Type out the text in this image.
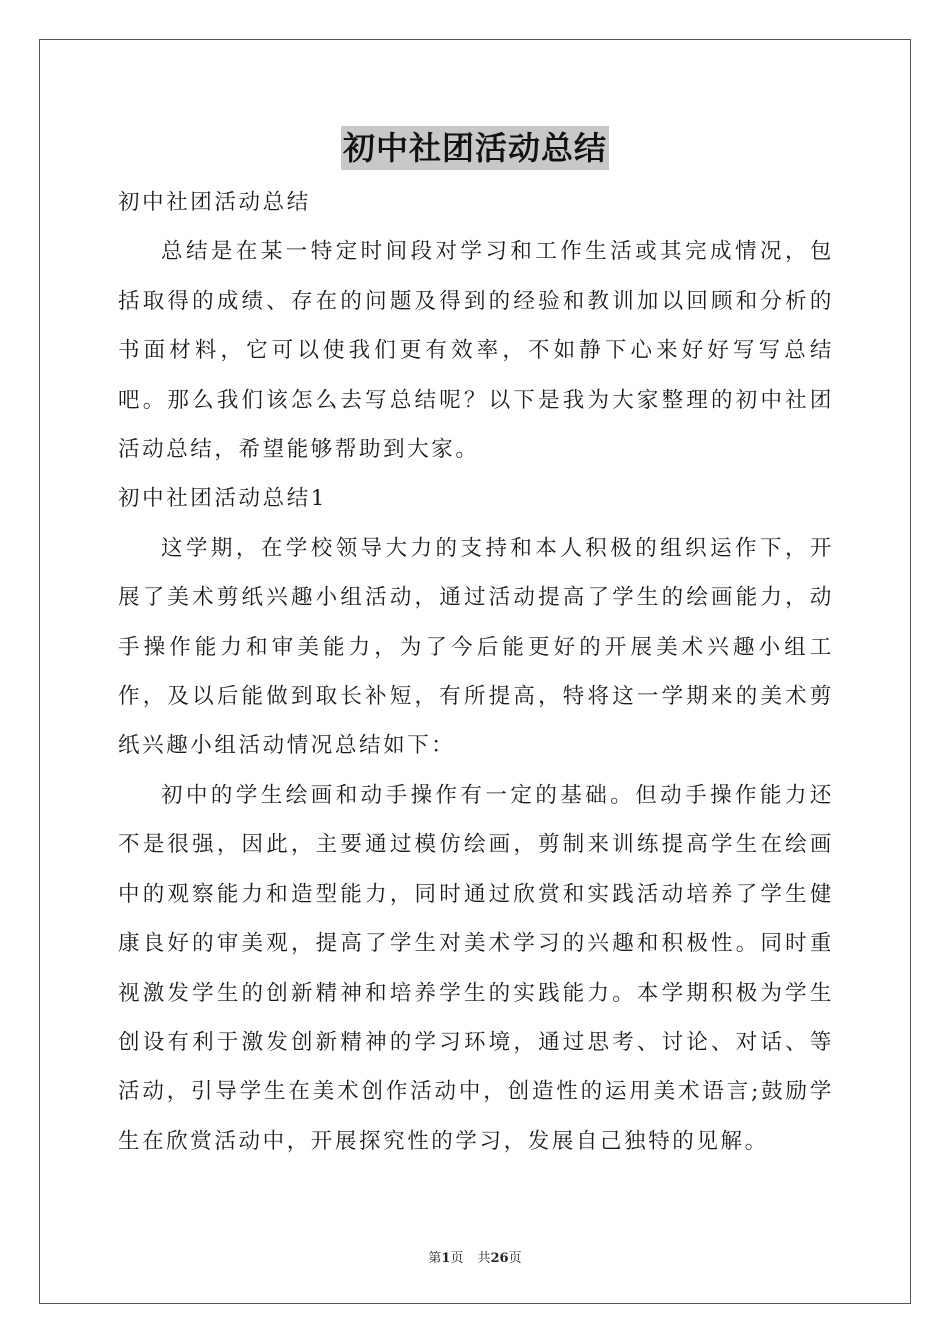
初中社团活动总结

初中社团活动总结

总结是在某一特定时间段对学习和工作生活或其完成情况，包括取得的成绩、存在的问题及得到的经验和教训加以回顾和分析的书面材料，它可以使我们更有效率，不如静下心来好好写写总结吧。那么我们该怎么去写总结呢？以下是我为大家整理的初中社团活动总结，希望能够帮助到大家。

初中社团活动总结1

这学期，在学校领导大力的支持和本人积极的组织运作下，开展了美术剪纸兴趣小组活动，通过活动提高了学生的绘画能力，动手操作能力和审美能力，为了今后能更好的开展美术兴趣小组工作，及以后能做到取长补短，有所提高，特将这一学期来的美术剪纸兴趣小组活动情况总结如下：

初中的学生绘画和动手操作有一定的基础。但动手操作能力还不是很强，因此，主要通过模仿绘画，剪制来训练提高学生在绘画中的观察能力和造型能力，同时通过欣赏和实践活动培养了学生健康良好的审美观，提高了学生对美术学习的兴趣和积极性。同时重视激发学生的创新精神和培养学生的实践能力。本学期积极为学生创设有利于激发创新精神的学习环境，通过思考、讨论、对话、等活动，引导学生在美术创作活动中，创造性的运用美术语言;鼓励学生在欣赏活动中，开展探究性的学习，发展自己独特的见解。

第1页 共26页
